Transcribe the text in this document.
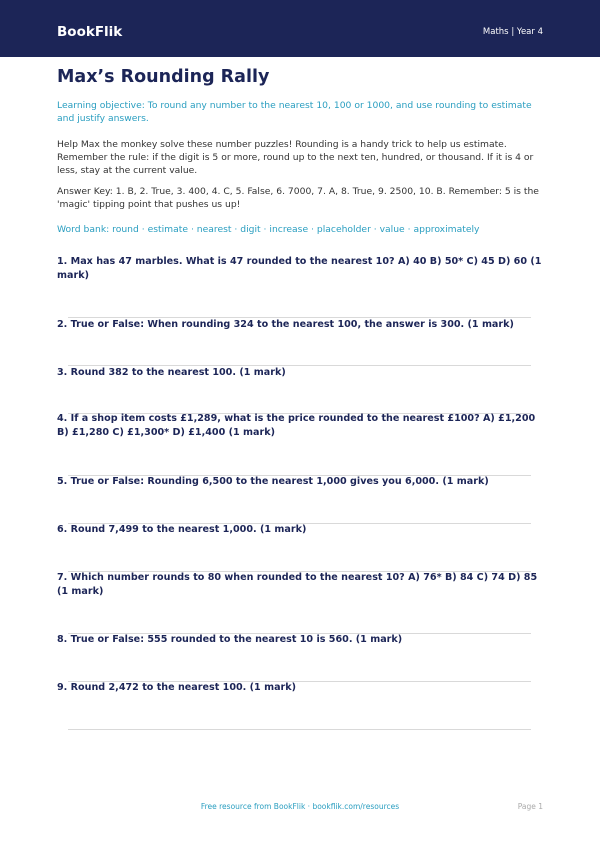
BookFlik	Maths | Year 4
Max’s Rounding Rally
Learning objective: To round any number to the nearest 10, 100 or 1000, and use rounding to estimate and justify answers.
Help Max the monkey solve these number puzzles! Rounding is a handy trick to help us estimate. Remember the rule: if the digit is 5 or more, round up to the next ten, hundred, or thousand. If it is 4 or less, stay at the current value.
Answer Key: 1. B, 2. True, 3. 400, 4. C, 5. False, 6. 7000, 7. A, 8. True, 9. 2500, 10. B. Remember: 5 is the 'magic' tipping point that pushes us up!
Word bank: round · estimate · nearest · digit · increase · placeholder · value · approximately
1. Max has 47 marbles. What is 47 rounded to the nearest 10? A) 40 B) 50* C) 45 D) 60 (1 mark)
2. True or False: When rounding 324 to the nearest 100, the answer is 300. (1 mark)
3. Round 382 to the nearest 100. (1 mark)
4. If a shop item costs £1,289, what is the price rounded to the nearest £100? A) £1,200 B) £1,280 C) £1,300* D) £1,400 (1 mark)
5. True or False: Rounding 6,500 to the nearest 1,000 gives you 6,000. (1 mark)
6. Round 7,499 to the nearest 1,000. (1 mark)
7. Which number rounds to 80 when rounded to the nearest 10? A) 76* B) 84 C) 74 D) 85 (1 mark)
8. True or False: 555 rounded to the nearest 10 is 560. (1 mark)
9. Round 2,472 to the nearest 100. (1 mark)
Free resource from BookFlik · bookflik.com/resources	Page 1
